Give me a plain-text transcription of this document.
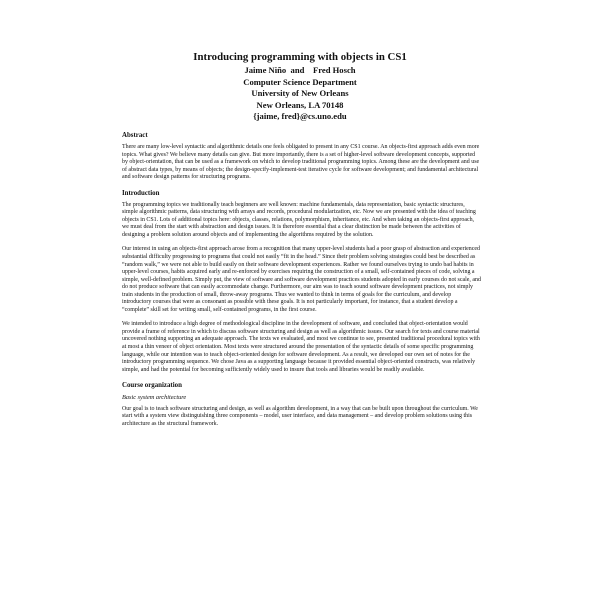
Introducing programming with objects in CS1
Jaime Niño  and    Fred Hosch
Computer Science Department
University of New Orleans
New Orleans, LA 70148
{jaime, fred}@cs.uno.edu
Abstract

There are many low-level syntactic and algorithmic details one feels obligated to present in any CS1 course. An objects-first approach adds even more topics. What gives? We believe many details can give. But more importantly, there is a set of higher-level software development concepts, supported by object-orientation, that can be used as a framework on which to develop traditional programming topics. Among these are the development and use of abstract data types, by means of objects; the design-specify-implement-test iterative cycle for software development; and fundamental architectural and software design patterns for structuring programs.

Introduction

The programming topics we traditionally teach beginners are well known: machine fundamentals, data representation, basic syntactic structures, simple algorithmic patterns, data structuring with arrays and records, procedural modularization, etc. Now we are presented with the idea of teaching objects in CS1. Lots of additional topics here: objects, classes, relations, polymorphism, inheritance, etc. And when taking an objects-first approach, we must deal from the start with abstraction and design issues. It is therefore essential that a clear distinction be made between the activities of designing a problem solution around objects and of implementing the algorithms required by the solution.

Our interest in using an objects-first approach arose from a recognition that many upper-level students had a poor grasp of abstraction and experienced substantial difficulty progressing to programs that could not easily “fit in the head.” Since their problem solving strategies could best be described as “random walk,” we were not able to build easily on their software development experiences. Rather we found ourselves trying to undo bad habits in upper-level courses, habits acquired early and re-enforced by exercises requiring the construction of a small, self-contained pieces of code, solving a simple, well-defined problem. Simply put, the view of software and software development practices students adopted in early courses do not scale, and do not produce software that can easily accommodate change. Furthermore, our aim was to teach sound software development practices, not simply train students in the production of small, throw-away programs. Thus we wanted to think in terms of goals for the curriculum, and develop introductory courses that were as consonant as possible with these goals. It is not particularly important, for instance, that a student develop a “complete” skill set for writing small, self-contained programs, in the first course.

We intended to introduce a high degree of methodological discipline in the development of software, and concluded that object-orientation would provide a frame of reference in which to discuss software structuring and design as well as algorithmic issues. Our search for texts and course material uncovered nothing supporting an adequate approach. The texts we evaluated, and most we continue to see, presented traditional procedural topics with at most a thin veneer of object orientation. Most texts were structured around the presentation of the syntactic details of some specific programming language, while our intention was to teach object-oriented design for software development. As a result, we developed our own set of notes for the introductory programming sequence. We chose Java as a supporting language because it provided essential object-oriented constructs, was relatively simple, and had the potential for becoming sufficiently widely used to insure that tools and libraries would be readily available.

Course organization
Basic system architecture

Our goal is to teach software structuring and design, as well as algorithm development, in a way that can be built upon throughout the curriculum. We start with a system view distinguishing three components – model, user interface, and data management – and develop problem solutions using this architecture as the structural framework.
